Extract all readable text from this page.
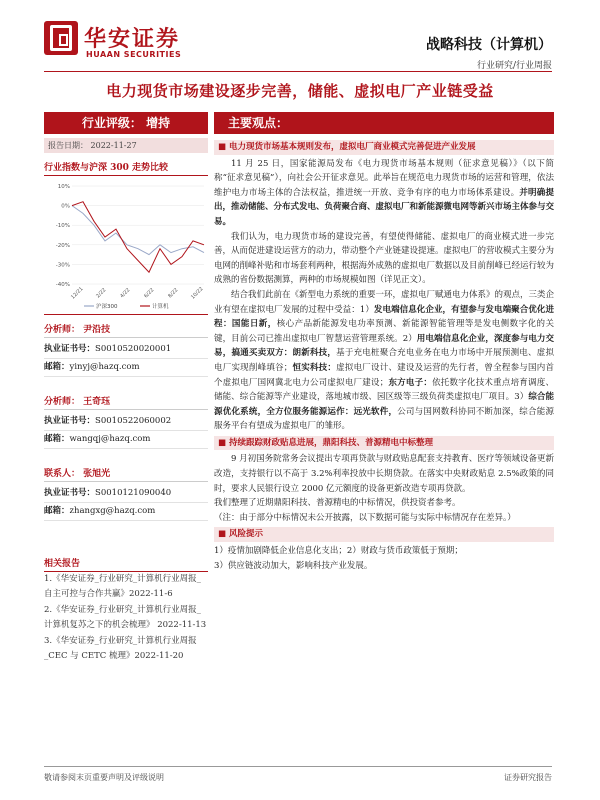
华安证券
HUAAN SECURITIES
战略科技（计算机）
行业研究/行业周报
电力现货市场建设逐步完善，储能、虚拟电厂产业链受益
行业评级： 增持
报告日期： 2022-11-27
行业指数与沪深 300 走势比较
10%
0%
-10%
-20%
-30%
-40%
12/21 2/22 4/22 6/22 8/22 10/22
沪深300	计算机
分析师： 尹沿技
执业证书号：S0010520020001
邮箱：yinyj@hazq.com
分析师： 王奇珏
执业证书号：S0010522060002
邮箱：wangqj@hazq.com
联系人： 张旭光
执业证书号：S0010121090040
邮箱：zhangxg@hazq.com
相关报告
1.《华安证券_行业研究_计算机行业周报_自主可控与合作共赢》2022-11-6
2.《华安证券_行业研究_计算机行业周报_计算机复苏之下的机会梳理》 2022-11-13
3.《华安证券_行业研究_计算机行业周报_CEC 与 CETC 梳理》2022-11-20
主要观点：

■ 电力现货市场基本规则发布，虚拟电厂商业模式完善促进产业发展

11 月 25 日，国家能源局发布《电力现货市场基本规则（征求意见稿）》（以下简称“征求意见稿”），向社会公开征求意见。此举旨在规范电力现货市场的运营和管理，依法维护电力市场主体的合法权益，推进统一开放、竞争有序的电力市场体系建设。并明确提出，推动储能、分布式发电、负荷聚合商、虚拟电厂和新能源微电网等新兴市场主体参与交易。

我们认为，电力现货市场的建设完善，有望使得储能、虚拟电厂的商业模式进一步完善，从而促进建设运营方的动力，带动整个产业链建设提速。虚拟电厂的营收模式主要分为电网的削峰补贴和市场套利两种，根据海外成熟的虚拟电厂数据以及目前削峰已经运行较为成熟的省份数据测算，两种的市场规模如图（详见正文）。

结合我们此前在《新型电力系统的重要一环，虚拟电厂赋通电力体系》的观点，三类企业有望在虚拟电厂发展的过程中受益：1）发电端信息化企业，有望参与发电端聚合优化进程：国能日新，核心产品新能源发电功率预测、新能源智能管理等是发电侧数字化的关键，目前公司已推出虚拟电厂智慧运营管理系统。2）用电端信息化企业，深度参与电力交易，搞通买卖双方：朗新科技，基于充电桩聚合充电业务在电力市场中开展预测电、虚拟电厂实现削峰填谷；恒实科技：虚拟电厂设计、建设及运营的先行者，曾全程参与国内首个虚拟电厂国网冀北电力公司虚拟电厂建设；东方电子：依托数字化技术重点培育调度、储能、综合能源等产业建设，落地城市级、园区级等三级负荷类虚拟电厂项目。3）综合能源优化系统，全方位服务能源运作：远光软件，公司与国网数科协同不断加深，综合能源服务平台有望成为虚拟电厂的雏形。

■ 持续跟踪财政贴息进展，鼎阳科技、普源精电中标整理

9 月初国务院常务会议提出专项再贷款与财政贴息配套支持教育、医疗等领域设备更新改造，支持银行以不高于 3.2%利率投放中长期贷款。在落实中央财政贴息 2.5%政策的同时，要求人民银行设立 2000 亿元额度的设备更新改造专项再贷款。

我们整理了近期鼎阳科技、普源精电的中标情况，供投资者参考。

（注：由于部分中标情况未公开披露，以下数据可能与实际中标情况存在差异。）

■ 风险提示

1）疫情加剧降低企业信息化支出；2）财政与货币政策低于预期；

3）供应链波动加大，影响科技产业发展。

敬请参阅末页重要声明及评级说明	证券研究报告
